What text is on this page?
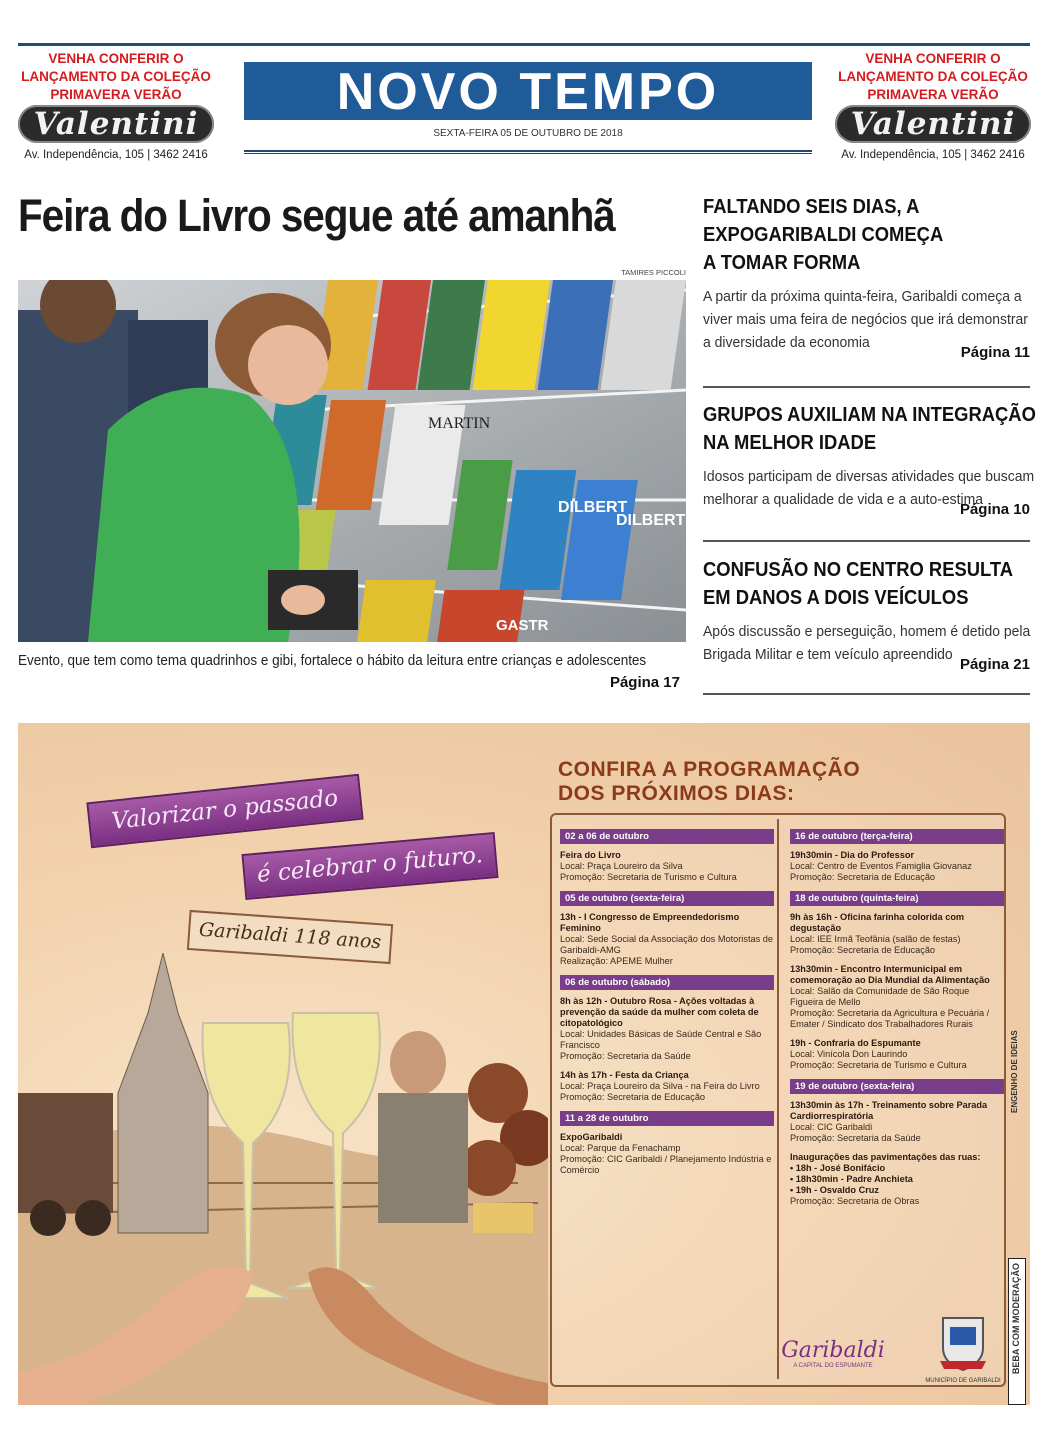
VENHA CONFERIR O
LANÇAMENTO DA COLEÇÃO
PRIMAVERA VERÃO
Valentini
Av. Independência, 105 | 3462 2416
NOVO TEMPO
SEXTA-FEIRA 05 DE OUTUBRO DE 2018
VENHA CONFERIR O
LANÇAMENTO DA COLEÇÃO
PRIMAVERA VERÃO
Valentini
Av. Independência, 105 | 3462 2416
Feira do Livro segue até amanhã
TAMIRES PICCOLI
MARTIN
DILBERT
DILBERT
GASTR
Evento, que tem como tema quadrinhos e gibi, fortalece o hábito da leitura entre crianças e adolescentes
Página 17
FALTANDO SEIS DIAS, A
EXPOGARIBALDI COMEÇA
A TOMAR FORMA
A partir da próxima quinta-feira, Garibaldi começa a
viver mais uma feira de negócios que irá demonstrar
a diversidade da economia
Página 11
GRUPOS AUXILIAM NA INTEGRAÇÃO
NA MELHOR IDADE
Idosos participam de diversas atividades que buscam
melhorar a qualidade de vida e a auto-estima
Página 10
CONFUSÃO NO CENTRO RESULTA
EM DANOS A DOIS VEÍCULOS
Após discussão e perseguição, homem é detido pela
Brigada Militar e tem veículo apreendido
Página 21
Valorizar o passado
é celebrar o futuro.
Garibaldi 118 anos
CONFIRA A PROGRAMAÇÃO
DOS PRÓXIMOS DIAS:
02 a 06 de outubro
Feira do Livro
Local: Praça Loureiro da Silva
Promoção: Secretaria de Turismo e Cultura
05 de outubro (sexta-feira)
13h - I Congresso de Empreendedorismo Feminino
Local: Sede Social da Associação dos Motoristas de Garibaldi-AMG
Realização: APEME Mulher
06 de outubro (sábado)
8h às 12h - Outubro Rosa - Ações voltadas à prevenção da saúde da mulher com coleta de citopatológico
Local: Unidades Básicas de Saúde Central e São Francisco
Promoção: Secretaria da Saúde
14h às 17h - Festa da Criança
Local: Praça Loureiro da Silva - na Feira do Livro
Promoção: Secretaria de Educação
11 a 28 de outubro
ExpoGaribaldi
Local: Parque da Fenachamp
Promoção: CIC Garibaldi / Planejamento Indústria e Comércio
16 de outubro (terça-feira)
19h30min - Dia do Professor
Local: Centro de Eventos Famiglia Giovanaz
Promoção: Secretaria de Educação
18 de outubro (quinta-feira)
9h às 16h - Oficina farinha colorida com degustação
Local: IEE Irmã Teofânia (salão de festas)
Promoção: Secretaria de Educação
13h30min - Encontro Intermunicipal em comemoração ao Dia Mundial da Alimentação
Local: Salão da Comunidade de São Roque Figueira de Mello
Promoção: Secretaria da Agricultura e Pecuária / Emater / Sindicato dos Trabalhadores Rurais
19h - Confraria do Espumante
Local: Vinícola Don Laurindo
Promoção: Secretaria de Turismo e Cultura
19 de outubro (sexta-feira)
13h30min às 17h - Treinamento sobre Parada Cardiorrespiratória
Local: CIC Garibaldi
Promoção: Secretaria da Saúde
Inaugurações das pavimentações das ruas:
• 18h - José Bonifácio
• 18h30min - Padre Anchieta
• 19h - Osvaldo Cruz
Promoção: Secretaria de Obras
ENGENHO DE IDEIAS
BEBA COM MODERAÇÃO
Garibaldi
A CAPITAL DO ESPUMANTE
MUNICÍPIO DE GARIBALDI
